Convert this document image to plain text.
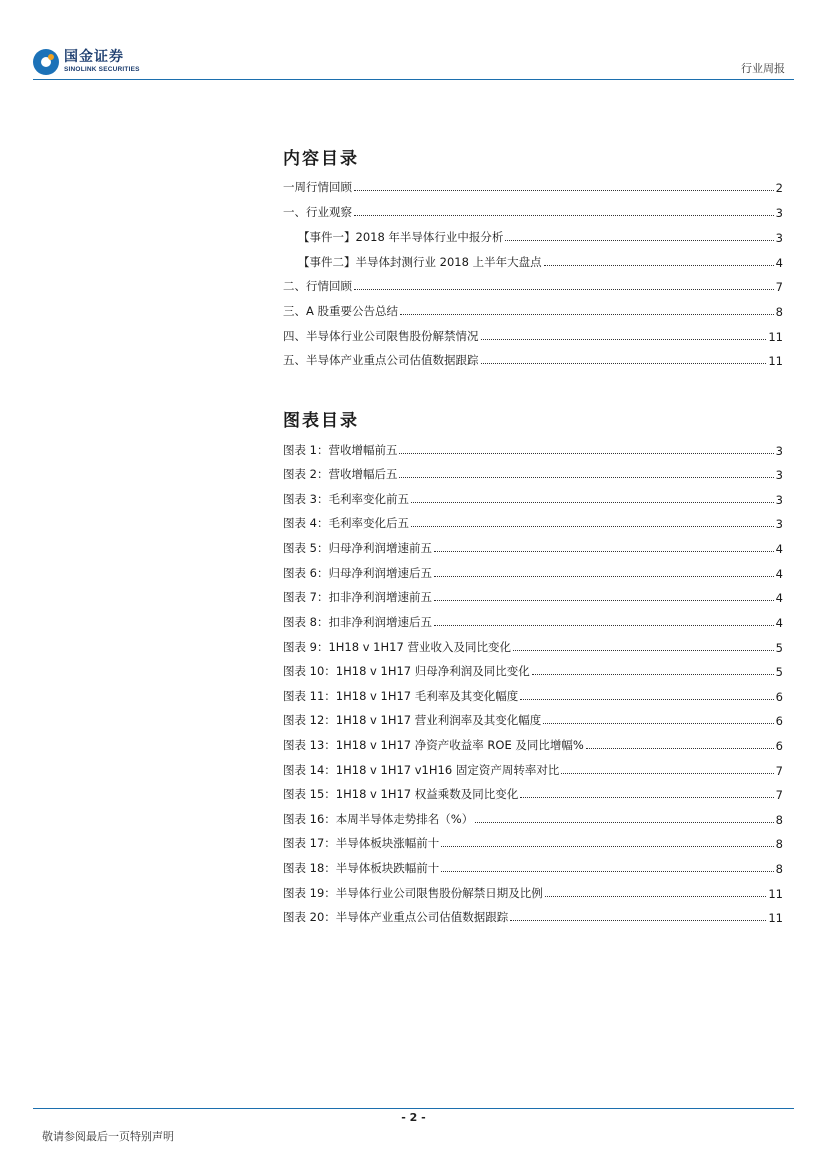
国金证券
SINOLINK SECURITIES	行业周报
内容目录
一周行情回顾	2
一、行业观察	3
【事件一】2018 年半导体行业中报分析	3
【事件二】半导体封测行业 2018 上半年大盘点	4
二、行情回顾	7
三、A 股重要公告总结	8
四、半导体行业公司限售股份解禁情况	11
五、半导体产业重点公司估值数据跟踪	11
图表目录
图表 1：营收增幅前五	3
图表 2：营收增幅后五	3
图表 3：毛利率变化前五	3
图表 4：毛利率变化后五	3
图表 5：归母净利润增速前五	4
图表 6：归母净利润增速后五	4
图表 7：扣非净利润增速前五	4
图表 8：扣非净利润增速后五	4
图表 9：1H18 v 1H17 营业收入及同比变化	5
图表 10：1H18 v 1H17 归母净利润及同比变化	5
图表 11：1H18 v 1H17 毛利率及其变化幅度	6
图表 12：1H18 v 1H17 营业利润率及其变化幅度	6
图表 13：1H18 v 1H17 净资产收益率 ROE 及同比增幅%	6
图表 14：1H18 v 1H17 v1H16 固定资产周转率对比	7
图表 15：1H18 v 1H17 权益乘数及同比变化	7
图表 16：本周半导体走势排名（%）	8
图表 17：半导体板块涨幅前十	8
图表 18：半导体板块跌幅前十	8
图表 19：半导体行业公司限售股份解禁日期及比例	11
图表 20：半导体产业重点公司估值数据跟踪	11
- 2 -
敬请参阅最后一页特别声明
